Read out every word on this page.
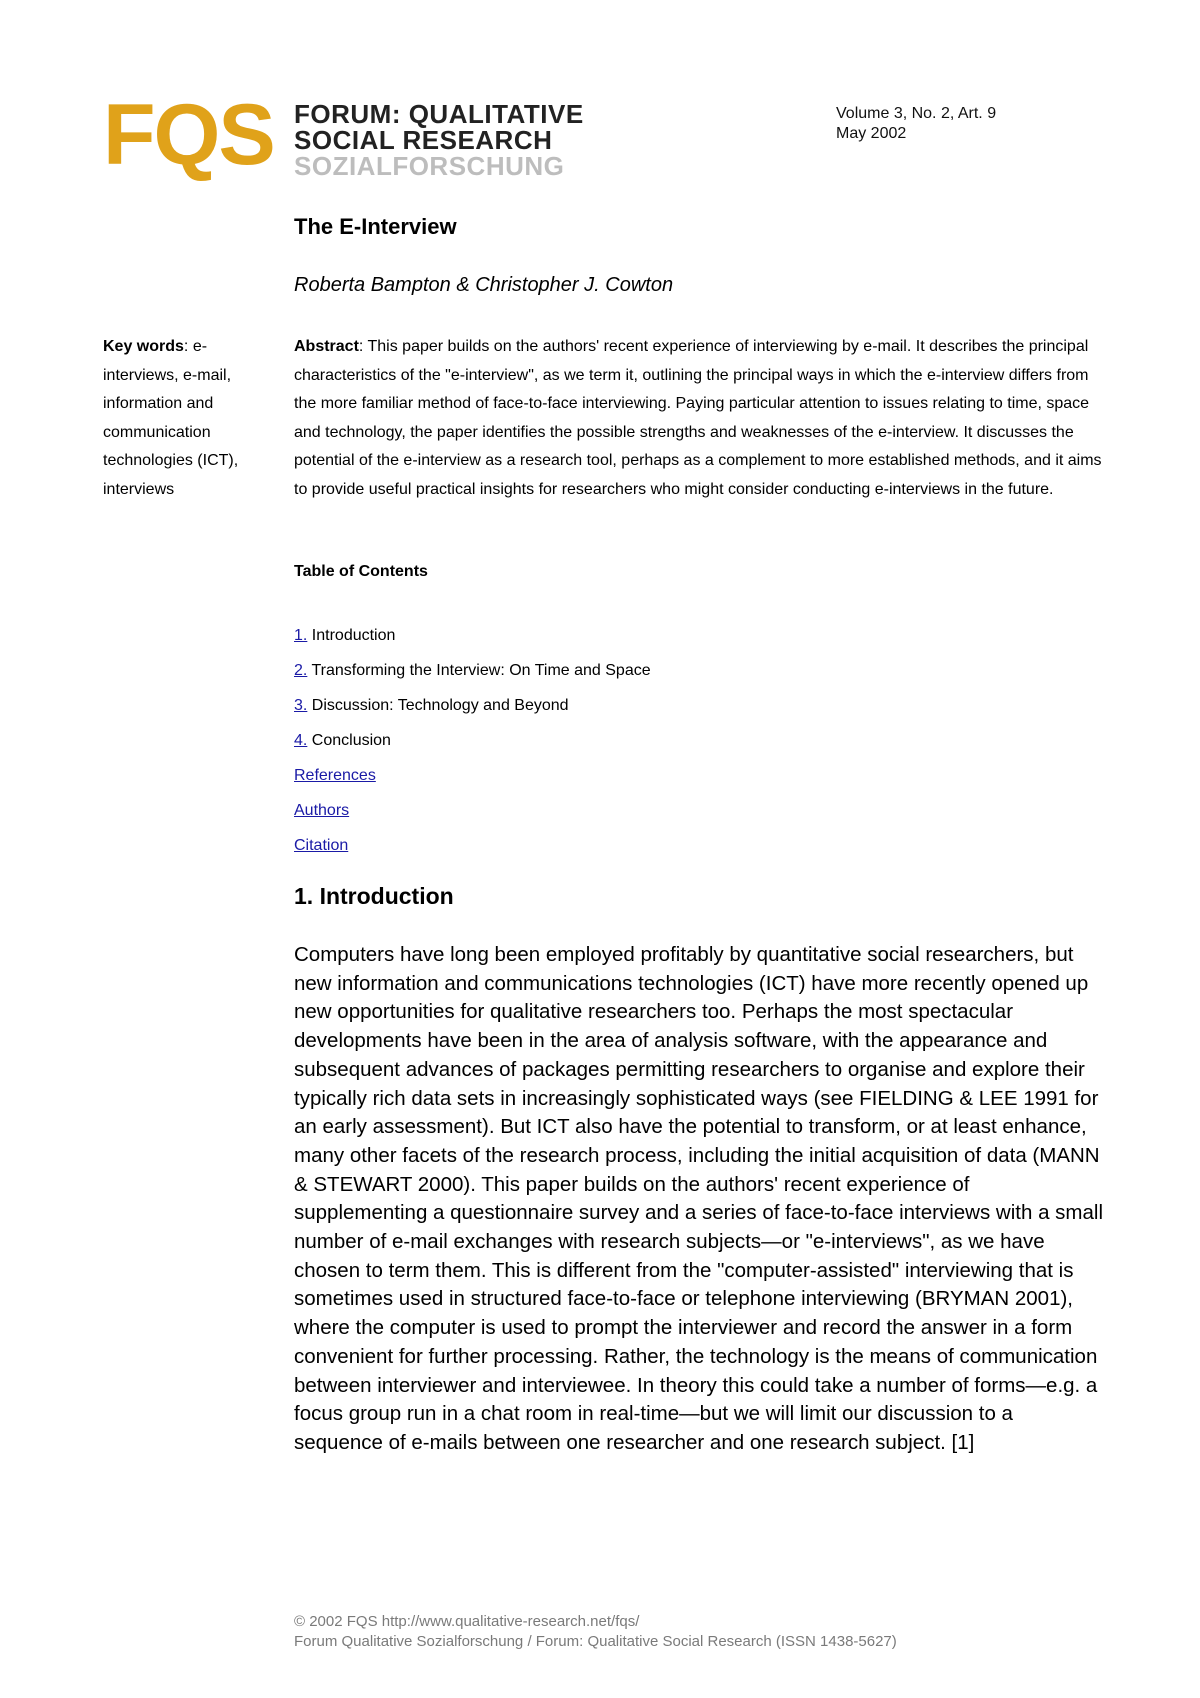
FQS FORUM: QUALITATIVE
SOCIAL RESEARCH
SOZIALFORSCHUNG
Volume 3, No. 2, Art. 9
May 2002
The E-Interview
Roberta Bampton & Christopher J. Cowton
Key words: e-interviews, e-mail, information and communication technologies (ICT), interviews
Abstract: This paper builds on the authors' recent experience of interviewing by e-mail. It describes the principal characteristics of the "e-interview", as we term it, outlining the principal ways in which the e-interview differs from the more familiar method of face-to-face interviewing. Paying particular attention to issues relating to time, space and technology, the paper identifies the possible strengths and weaknesses of the e-interview. It discusses the potential of the e-interview as a research tool, perhaps as a complement to more established methods, and it aims to provide useful practical insights for researchers who might consider conducting e-interviews in the future.
Table of Contents
1. Introduction
2. Transforming the Interview: On Time and Space
3. Discussion: Technology and Beyond
4. Conclusion
References
Authors
Citation
1. Introduction
Computers have long been employed profitably by quantitative social researchers, but new information and communications technologies (ICT) have more recently opened up new opportunities for qualitative researchers too. Perhaps the most spectacular developments have been in the area of analysis software, with the appearance and subsequent advances of packages permitting researchers to organise and explore their typically rich data sets in increasingly sophisticated ways (see FIELDING & LEE 1991 for an early assessment). But ICT also have the potential to transform, or at least enhance, many other facets of the research process, including the initial acquisition of data (MANN & STEWART 2000). This paper builds on the authors' recent experience of supplementing a questionnaire survey and a series of face-to-face interviews with a small number of e-mail exchanges with research subjects—or "e-interviews", as we have chosen to term them. This is different from the "computer-assisted" interviewing that is sometimes used in structured face-to-face or telephone interviewing (BRYMAN 2001), where the computer is used to prompt the interviewer and record the answer in a form convenient for further processing. Rather, the technology is the means of communication between interviewer and interviewee. In theory this could take a number of forms—e.g. a focus group run in a chat room in real-time—but we will limit our discussion to a sequence of e-mails between one researcher and one research subject. [1]
© 2002 FQS http://www.qualitative-research.net/fqs/
Forum Qualitative Sozialforschung / Forum: Qualitative Social Research (ISSN 1438-5627)
